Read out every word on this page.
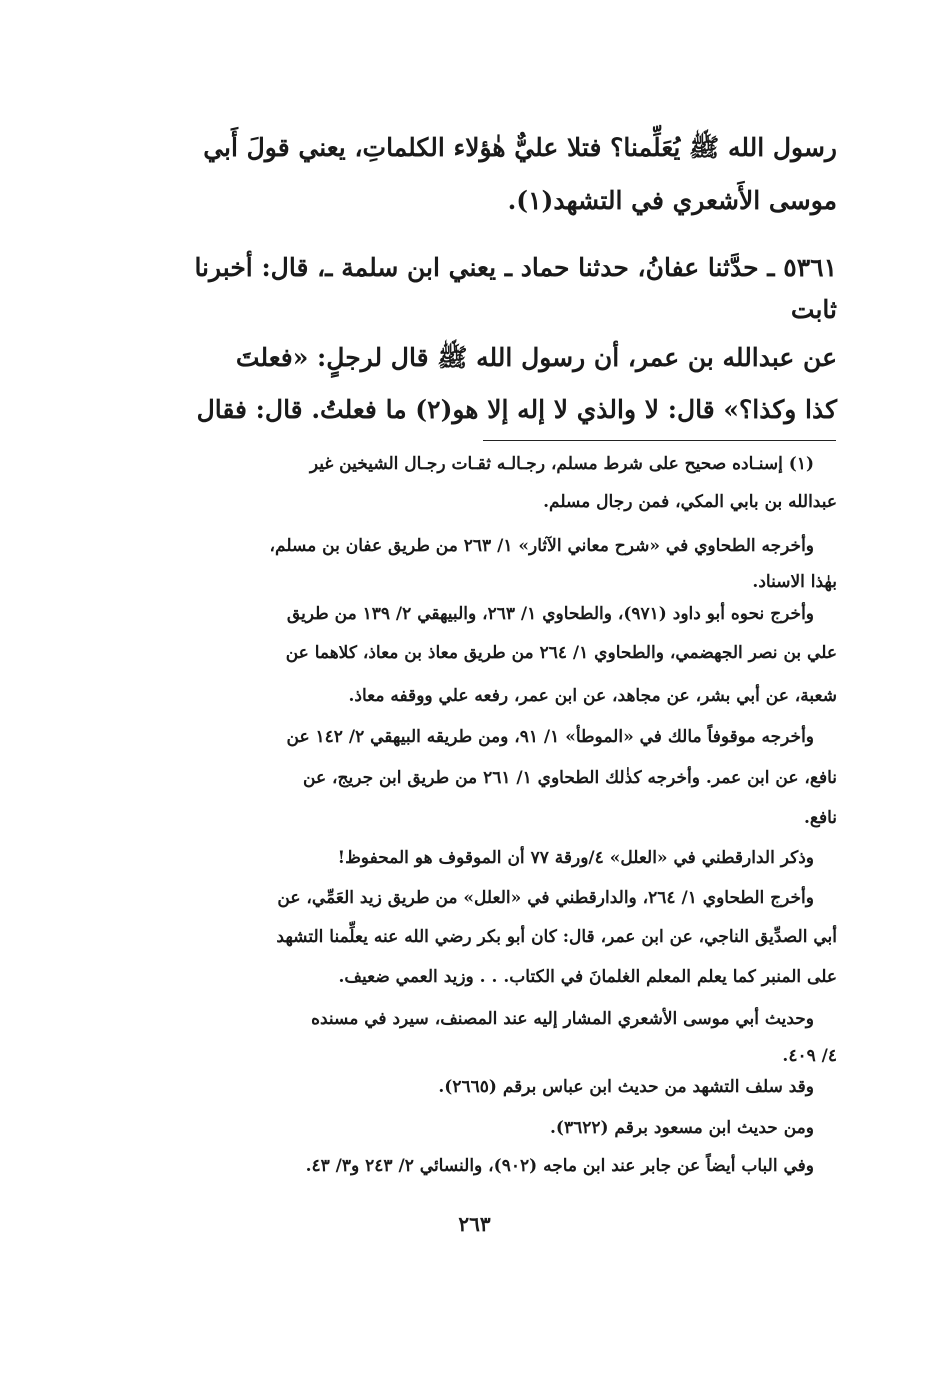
رسول الله ﷺ يُعَلِّمنا؟ فتلا عليٌّ هٰؤلاء الكلماتِ، يعني قولَ أَبي
موسى الأَشعري في التشهد(١).
٥٣٦١ ـ حدَّثنا عفانُ، حدثنا حماد ـ يعني ابن سلمة ـ، قال: أخبرنا
ثابت
عن عبدالله بن عمر، أن رسول الله ﷺ قال لرجلٍ: «فعلتَ
كذا وكذا؟» قال: لا والذي لا إله إلا هو(٢) ما فعلتُ. قال: فقال
(١) إسنـاده صحيح على شرط مسلم، رجـالـه ثقـات رجـال الشيخين غير
عبدالله بن بابي المكي، فمن رجال مسلم.
وأخرجه الطحاوي في «شرح معاني الآثار» ١/ ٢٦٣ من طريق عفان بن مسلم،
بهٰذا الاسناد.
وأخرج نحوه أبو داود (٩٧١)، والطحاوي ١/ ٢٦٣، والبيهقي ٢/ ١٣٩ من طريق
علي بن نصر الجهضمي، والطحاوي ١/ ٢٦٤ من طريق معاذ بن معاذ، كلاهما عن
شعبة، عن أبي بشر، عن مجاهد، عن ابن عمر، رفعه علي ووقفه معاذ.
وأخرجه موقوفاً مالك في «الموطأ» ١/ ٩١، ومن طريقه البيهقي ٢/ ١٤٢ عن
نافع، عن ابن عمر. وأخرجه كذٰلك الطحاوي ١/ ٢٦١ من طريق ابن جريج، عن
نافع.
وذكر الدارقطني في «العلل» ٤/ورقة ٧٧ أن الموقوف هو المحفوظ!
وأخرج الطحاوي ١/ ٢٦٤، والدارقطني في «العلل» من طريق زيد العَمِّي، عن
أبي الصدِّيق الناجي، عن ابن عمر، قال: كان أبو بكر رضي الله عنه يعلِّمنا التشهد
على المنبر كما يعلم المعلم الغلمانَ في الكتاب. . . وزيد العمي ضعيف.
وحديث أبي موسى الأشعري المشار إليه عند المصنف، سيرد في مسنده
٤/ ٤٠٩.
وقد سلف التشهد من حديث ابن عباس برقم (٢٦٦٥).
ومن حديث ابن مسعود برقم (٣٦٢٢).
وفي الباب أيضاً عن جابر عند ابن ماجه (٩٠٢)، والنسائي ٢/ ٢٤٣ و٣/ ٤٣.
٢٦٣
